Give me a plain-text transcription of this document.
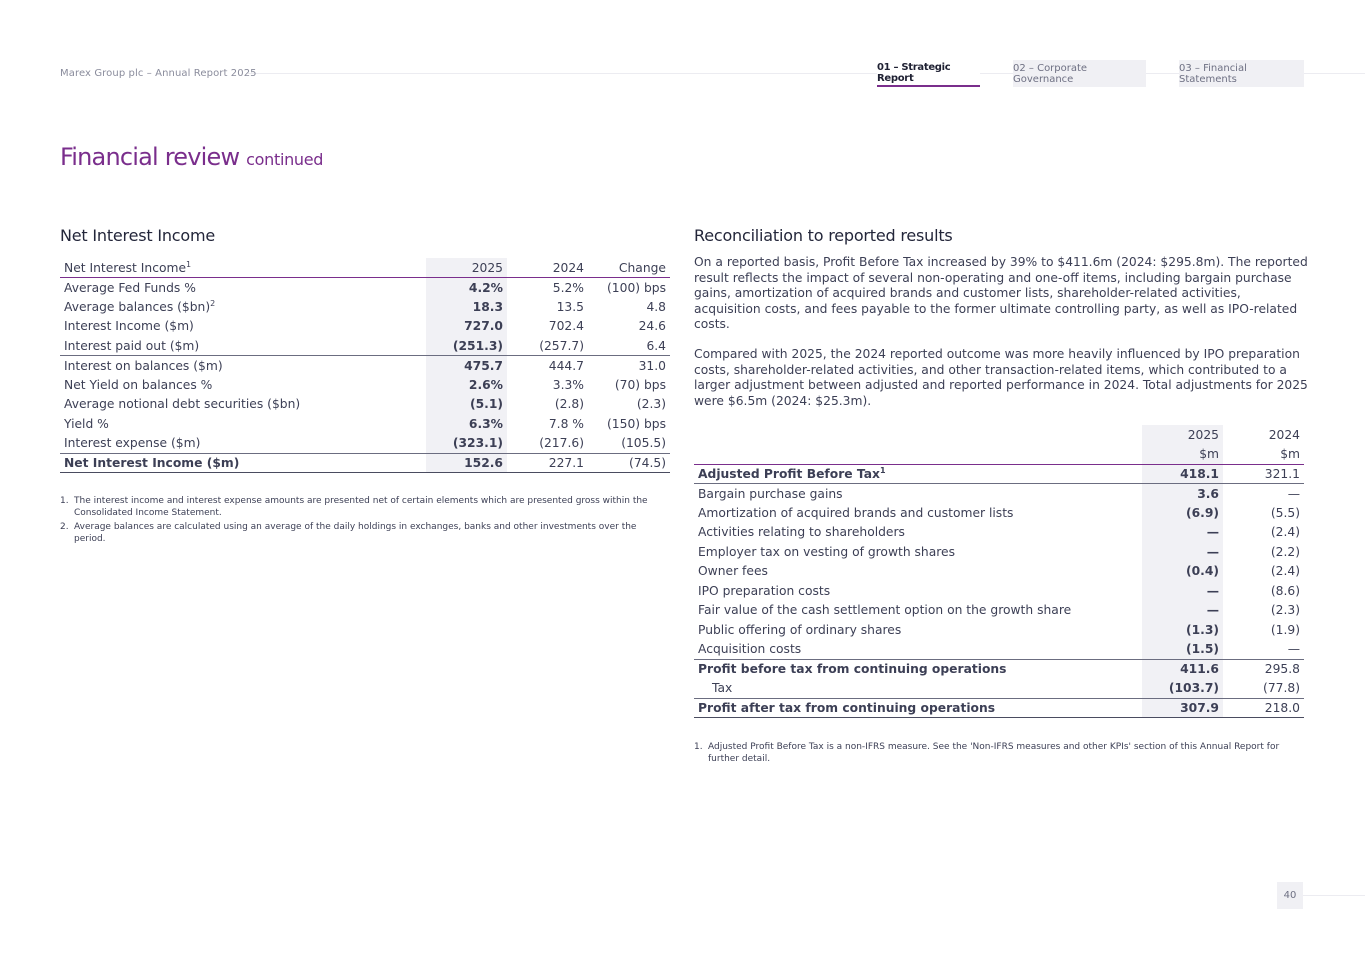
Marex Group plc – Annual Report 2025
01 – Strategic Report
02 – Corporate Governance
03 – Financial Statements
Financial review continued
Net Interest Income
Net Interest Income$^1$	2025	2024	Change
Average Fed Funds %	4.2%	5.2%	(100) bps
Average balances ($bn)$^2$	18.3	13.5	4.8
Interest Income ($m)	727.0	702.4	24.6
Interest paid out ($m)	(251.3)	(257.7)	6.4
Interest on balances ($m)	475.7	444.7	31.0
Net Yield on balances %	2.6%	3.3%	(70) bps
Average notional debt securities ($bn)	(5.1)	(2.8)	(2.3)
Yield %	6.3%	7.8 %	(150) bps
Interest expense ($m)	(323.1)	(217.6)	(105.5)
Net Interest Income ($m)	152.6	227.1	(74.5)
1. The interest income and interest expense amounts are presented net of certain elements which are presented gross within the Consolidated Income Statement.
2. Average balances are calculated using an average of the daily holdings in exchanges, banks and other investments over the period.
Reconciliation to reported results

On a reported basis, Profit Before Tax increased by 39% to $411.6m (2024: $295.8m). The reported result reflects the impact of several non-operating and one-off items, including bargain purchase gains, amortization of acquired brands and customer lists, shareholder-related activities, acquisition costs, and fees payable to the former ultimate controlling party, as well as IPO-related costs.

Compared with 2025, the 2024 reported outcome was more heavily influenced by IPO preparation costs, shareholder-related activities, and other transaction-related items, which contributed to a larger adjustment between adjusted and reported performance in 2024. Total adjustments for 2025 were $6.5m (2024: $25.3m).

	2025	2024
	$m	$m
Adjusted Profit Before Tax$^1$	418.1	321.1
Bargain purchase gains	3.6	—
Amortization of acquired brands and customer lists	(6.9)	(5.5)
Activities relating to shareholders	—	(2.4)
Employer tax on vesting of growth shares	—	(2.2)
Owner fees	(0.4)	(2.4)
IPO preparation costs	—	(8.6)
Fair value of the cash settlement option on the growth share	—	(2.3)
Public offering of ordinary shares	(1.3)	(1.9)
Acquisition costs	(1.5)	—
Profit before tax from continuing operations	411.6	295.8
Tax	(103.7)	(77.8)
Profit after tax from continuing operations	307.9	218.0
1. Adjusted Profit Before Tax is a non-IFRS measure. See the 'Non-IFRS measures and other KPIs' section of this Annual Report for further detail.
40
